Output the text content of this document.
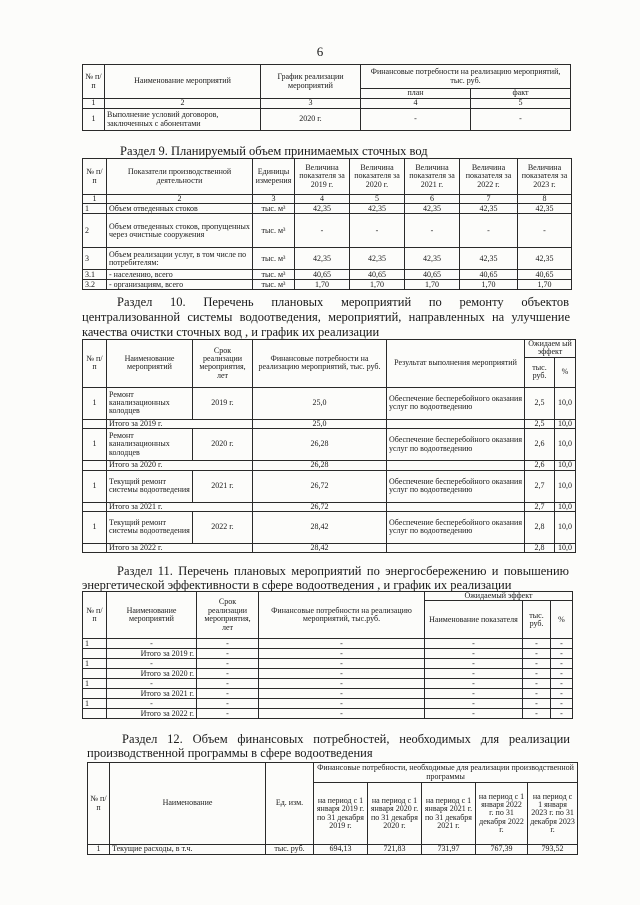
6
№ п/п	Наименование мероприятий	График реализации мероприятий	Финансовые потребности на реализацию мероприятий, тыс. руб.	
			план	факт
1	2	3	4	5
1	Выполнение условий договоров, заключенных с абонентами	2020 г.	-	-
Раздел 9. Планируемый объем принимаемых сточных вод
№ п/п	Показатели производственной деятельности	Единицы измерения	Величина показателя за 2019 г.	Величина показателя за 2020 г.	Величина показателя за 2021 г.	Величина показателя за 2022 г.	Величина показателя за 2023 г.
1	2	3	4	5	6	7	8
1	Объем отведенных стоков	тыс. м³	42,35	42,35	42,35	42,35	42,35
2	Объем отведенных стоков, пропущенных через очистные сооружения	тыс. м³	-	-	-	-	-
3	Объем реализации услуг, в том числе по потребителям:	тыс. м³	42,35	42,35	42,35	42,35	42,35
3.1	- населению, всего	тыс. м³	40,65	40,65	40,65	40,65	40,65
3.2	- организациям, всего	тыс. м³	1,70	1,70	1,70	1,70	1,70
Раздел 10. Перечень плановых мероприятий по ремонту объектов
централизованной системы водоотведения, мероприятий, направленных на улучшение
качества очистки сточных вод , и график их реализации
№ п/ п	Наименование мероприятий	Срок реализации мероприятия, лет	Финансовые потребности на реализацию мероприятий, тыс. руб.	Результат выполнения мероприятий	Ожидаем ый эффект	
					тыс. руб.	%
1	Ремонт канализационных колодцев	2019 г.	25,0	Обеспечение бесперебойного оказания услуг по водоотведению	2,5	10,0
	Итого за 2019 г.		25,0		2,5	10,0
1	Ремонт канализационных колодцев	2020 г.	26,28	Обеспечение бесперебойного оказания услуг по водоотведению	2,6	10,0
	Итого за 2020 г.		26,28		2,6	10,0
1	Текущий ремонт системы водоотведения	2021 г.	26,72	Обеспечение бесперебойного оказания услуг по водоотведению	2,7	10,0
	Итого за 2021 г.		26,72		2,7	10,0
1	Текущий ремонт системы водоотведения	2022 г.	28,42	Обеспечение бесперебойного оказания услуг по водоотведению	2,8	10,0
	Итого за 2022 г.		28,42		2,8	10,0
Раздел 11. Перечень плановых мероприятий по энергосбережению и повышению
энергетической эффективности в сфере водоотведения , и график их реализации
№ п/п	Наименование мероприятий	Срок реализации мероприятия, лет	Финансовые потребности на реализацию мероприятий, тыс.руб.	Ожидаемый эффект		
				Наименование показателя	тыс. руб.	%
1	-	-	-	-	-	-
	Итого за 2019 г.	-	-	-	-	-
1	-	-	-	-	-	-
	Итого за 2020 г.	-	-	-	-	-
1	-	-	-	-	-	-
	Итого за 2021 г.	-	-	-	-	-
1	-	-	-	-	-	-
	Итого за 2022 г.	-	-	-	-	-
Раздел 12. Объем финансовых потребностей, необходимых для реализации
производственной программы в сфере водоотведения
№ п/п	Наименование	Ед. изм.	Финансовые потребности, необходимые для реализации производственной программы				
			на период с 1 января 2019 г. по 31 декабря 2019 г.	на период с 1 января 2020 г. по 31 декабря 2020 г.	на период с 1 января 2021 г. по 31 декабря 2021 г.	на период с 1 января 2022 г. по 31 декабря 2022 г.	на период с 1 января 2023 г. по 31 декабря 2023 г.
1	Текущие расходы, в т.ч.	тыс. руб.	694,13	721,83	731,97	767,39	793,52
